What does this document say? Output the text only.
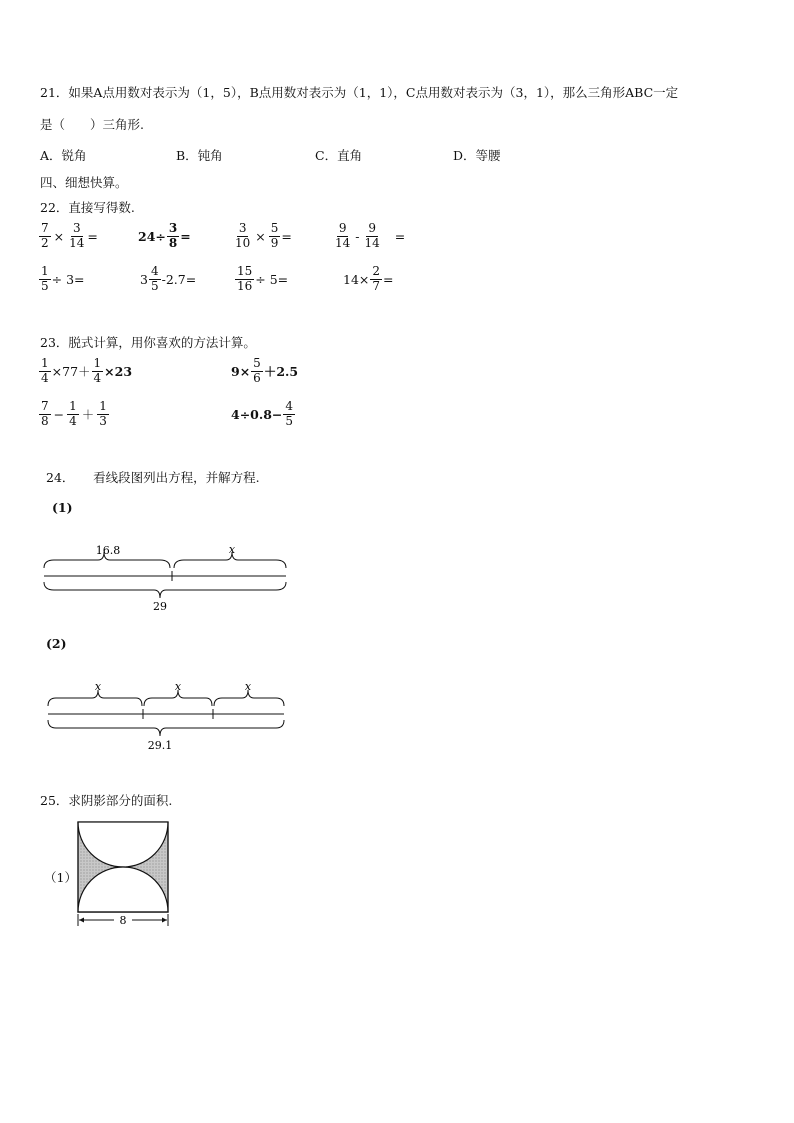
21．如果A点用数对表示为（1，5），B点用数对表示为（1，1），C点用数对表示为（3，1），那么三角形ABC一定
是（　　）三角形.
A．锐角	B．钝角	C．直角	D．等腰
四、细想快算。
22．直接写得数.
$\frac{7}{2} \times \frac{3}{14}$ =	$24\div \frac{3}{8}$ =	$\frac{3}{10} \times \frac{5}{9}$ =	$\frac{9}{14} - \frac{9}{14}$ =
$\frac{1}{5} \div 3=$	$3 \frac{4}{5} -2.7=$	$\frac{15}{16} \div 5=$	$14\times \frac{2}{7}$ =
23．脱式计算，用你喜欢的方法计算。
$\frac{1}{4} \times 77+ \frac{1}{4} \times 23$	$9\times \frac{5}{6} +2.5$
$\frac{7}{8} - \frac{1}{4} + \frac{1}{3}$	$4\div 0.8- \frac{4}{5}$
24．　　看线段图列出方程，并解方程.
(1)
16.8	x
29
(2)
x	x	x
29.1
25．求阴影部分的面积.
（1）
8
